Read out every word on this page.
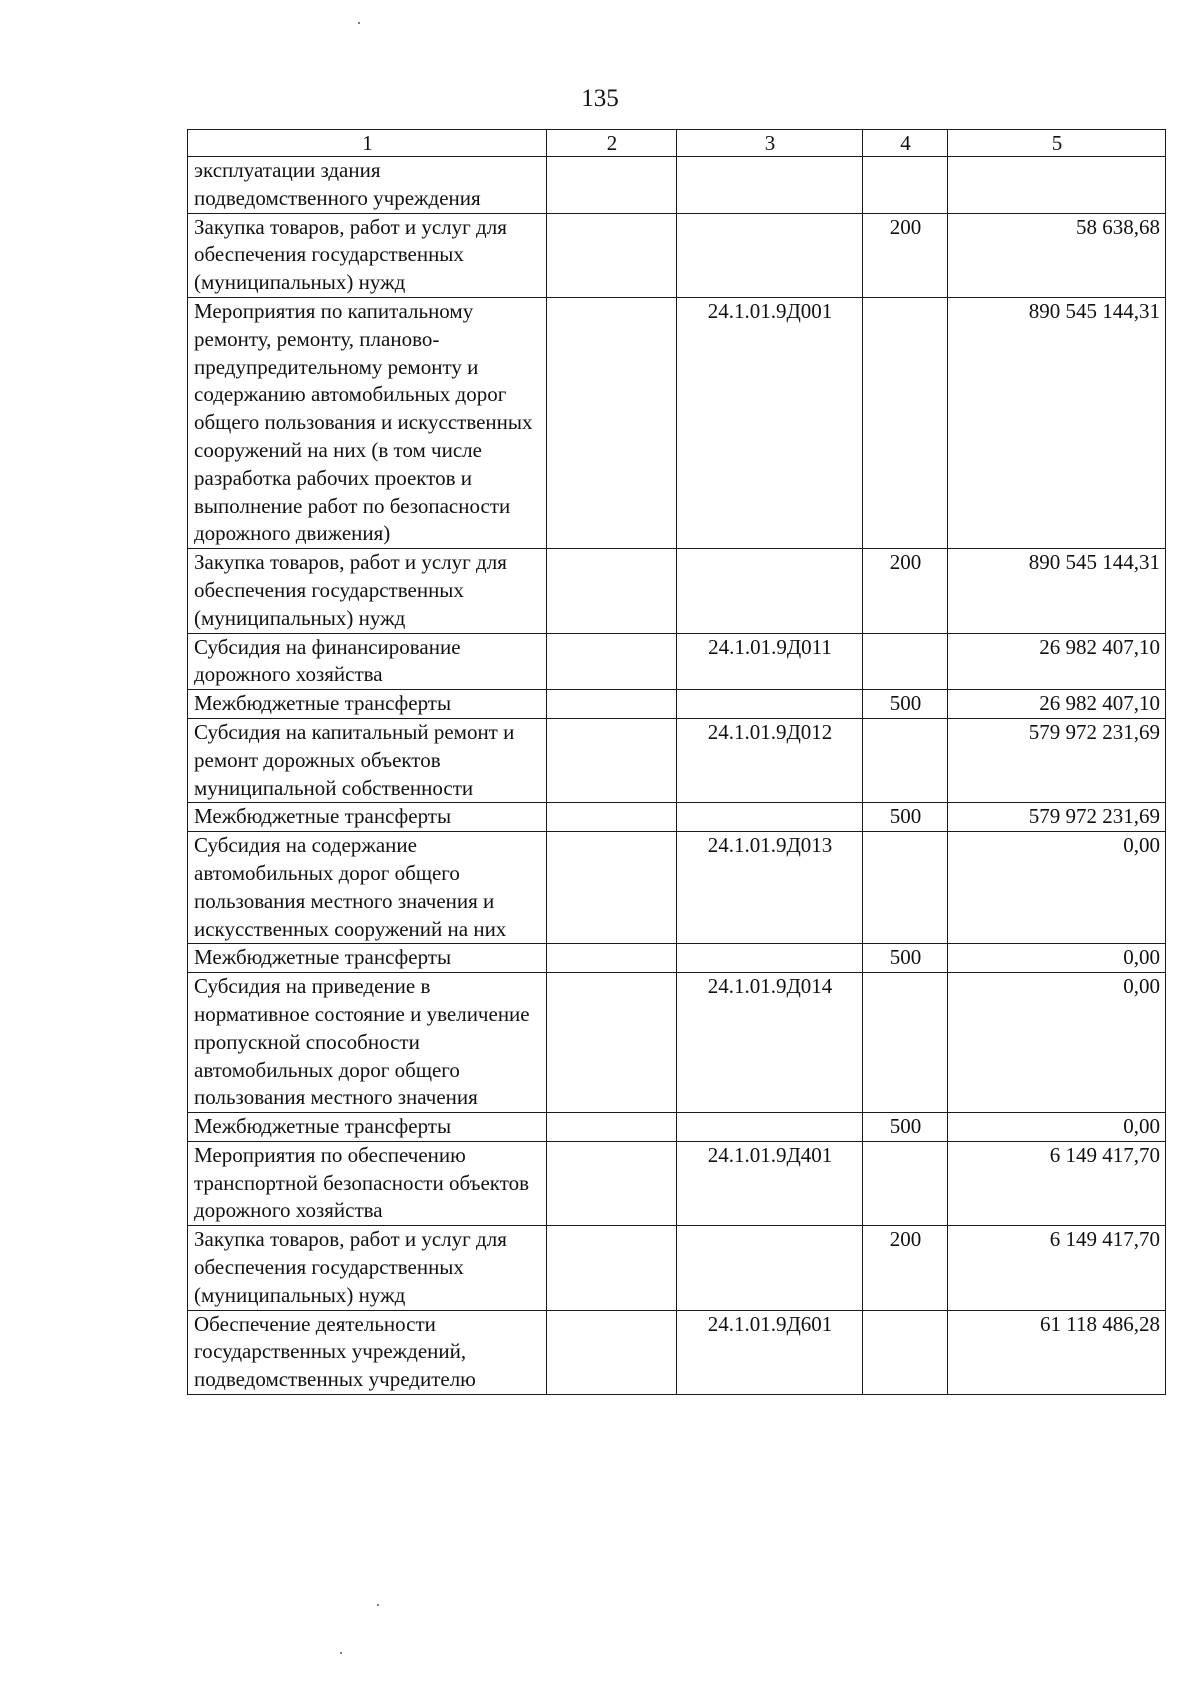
135
1	2	3	4	5
эксплуатации здания подведомственного учреждения				
Закупка товаров, работ и услуг для обеспечения государственных (муниципальных) нужд			200	58 638,68
Мероприятия по капитальному ремонту, ремонту, планово-предупредительному ремонту и содержанию автомобильных дорог общего пользования и искусственных сооружений на них (в том числе разработка рабочих проектов и выполнение работ по безопасности дорожного движения)		24.1.01.9Д001		890 545 144,31
Закупка товаров, работ и услуг для обеспечения государственных (муниципальных) нужд			200	890 545 144,31
Субсидия на финансирование дорожного хозяйства		24.1.01.9Д011		26 982 407,10
Межбюджетные трансферты			500	26 982 407,10
Субсидия на капитальный ремонт и ремонт дорожных объектов муниципальной собственности		24.1.01.9Д012		579 972 231,69
Межбюджетные трансферты			500	579 972 231,69
Субсидия на содержание автомобильных дорог общего пользования местного значения и искусственных сооружений на них		24.1.01.9Д013		0,00
Межбюджетные трансферты			500	0,00
Субсидия на приведение в нормативное состояние и увеличение пропускной способности автомобильных дорог общего пользования местного значения		24.1.01.9Д014		0,00
Межбюджетные трансферты			500	0,00
Мероприятия по обеспечению транспортной безопасности объектов дорожного хозяйства		24.1.01.9Д401		6 149 417,70
Закупка товаров, работ и услуг для обеспечения государственных (муниципальных) нужд			200	6 149 417,70
Обеспечение деятельности государственных учреждений, подведомственных учредителю		24.1.01.9Д601		61 118 486,28
